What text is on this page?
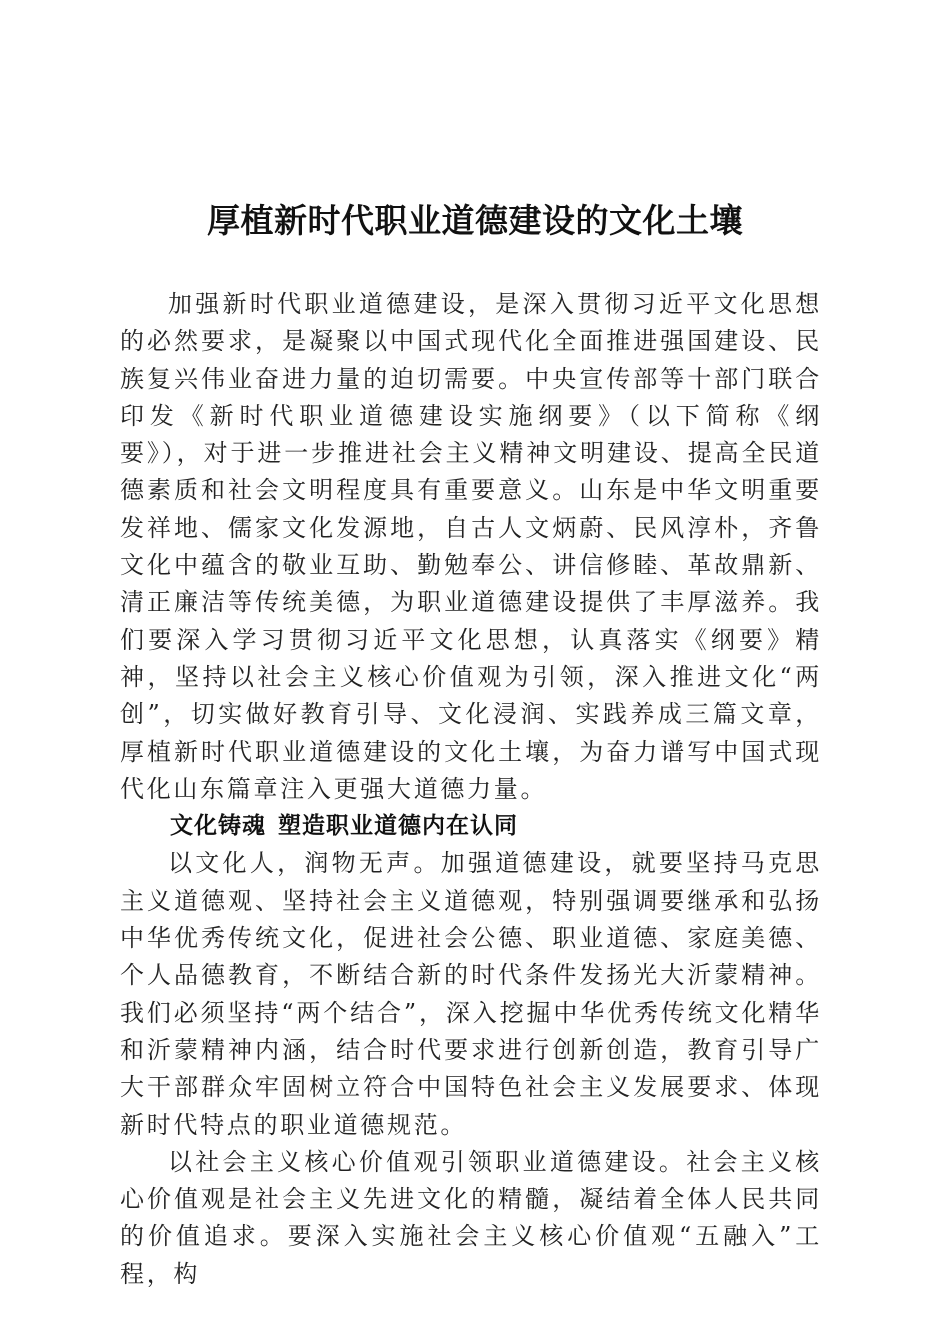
厚植新时代职业道德建设的文化土壤

加强新时代职业道德建设，是深入贯彻习近平文化思想的必然要求，是凝聚以中国式现代化全面推进强国建设、民族复兴伟业奋进力量的迫切需要。中央宣传部等十部门联合印发《新时代职业道德建设实施纲要》（以下简称《纲要》），对于进一步推进社会主义精神文明建设、提高全民道德素质和社会文明程度具有重要意义。山东是中华文明重要发祥地、儒家文化发源地，自古人文炳蔚、民风淳朴，齐鲁文化中蕴含的敬业互助、勤勉奉公、讲信修睦、革故鼎新、清正廉洁等传统美德，为职业道德建设提供了丰厚滋养。我们要深入学习贯彻习近平文化思想，认真落实《纲要》精神，坚持以社会主义核心价值观为引领，深入推进文化“两创”，切实做好教育引导、文化浸润、实践养成三篇文章，厚植新时代职业道德建设的文化土壤，为奋力谱写中国式现代化山东篇章注入更强大道德力量。

文化铸魂 塑造职业道德内在认同

以文化人，润物无声。加强道德建设，就要坚持马克思主义道德观、坚持社会主义道德观，特别强调要继承和弘扬中华优秀传统文化，促进社会公德、职业道德、家庭美德、个人品德教育，不断结合新的时代条件发扬光大沂蒙精神。我们必须坚持“两个结合”，深入挖掘中华优秀传统文化精华和沂蒙精神内涵，结合时代要求进行创新创造，教育引导广大干部群众牢固树立符合中国特色社会主义发展要求、体现新时代特点的职业道德规范。

以社会主义核心价值观引领职业道德建设。社会主义核心价值观是社会主义先进文化的精髓，凝结着全体人民共同的价值追求。要深入实施社会主义核心价值观“五融入”工程，构
